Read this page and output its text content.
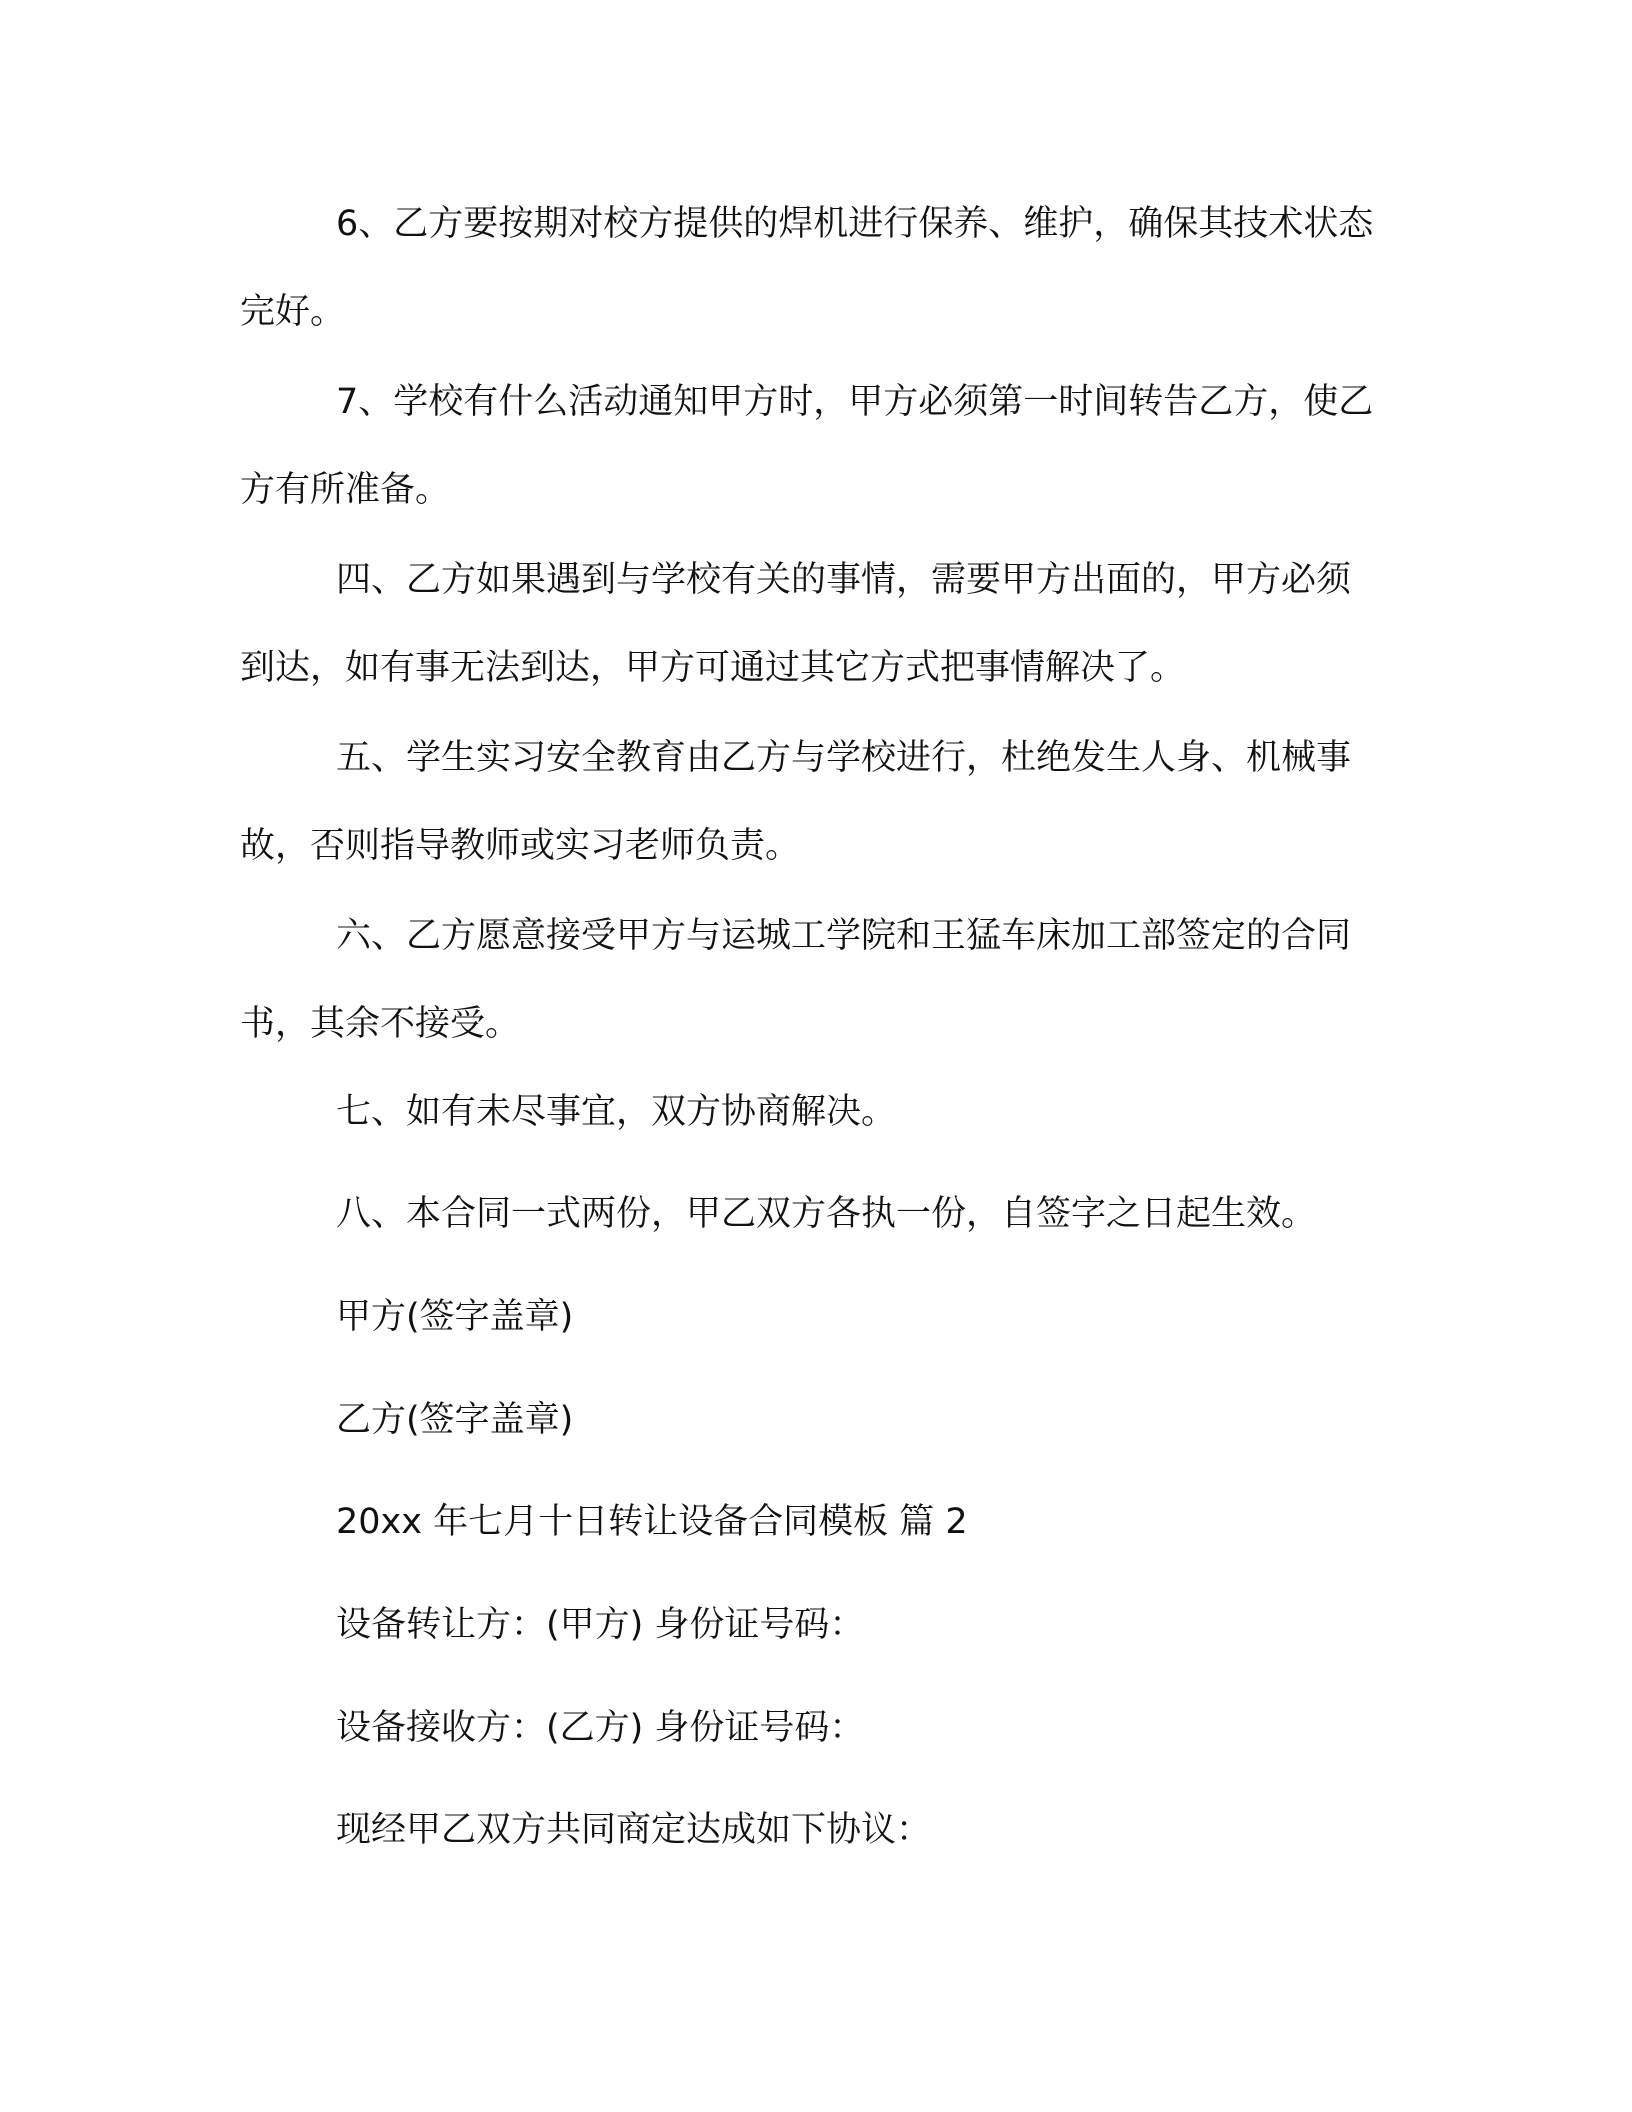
6、乙方要按期对校方提供的焊机进行保养、维护，确保其技术状态完好。

7、学校有什么活动通知甲方时，甲方必须第一时间转告乙方，使乙方有所准备。

四、乙方如果遇到与学校有关的事情，需要甲方出面的，甲方必须到达，如有事无法到达，甲方可通过其它方式把事情解决了。

五、学生实习安全教育由乙方与学校进行，杜绝发生人身、机械事故，否则指导教师或实习老师负责。

六、乙方愿意接受甲方与运城工学院和王猛车床加工部签定的合同书，其余不接受。

七、如有未尽事宜，双方协商解决。

八、本合同一式两份，甲乙双方各执一份，自签字之日起生效。

甲方(签字盖章)

乙方(签字盖章)

20xx 年七月十日转让设备合同模板 篇 2

设备转让方：(甲方) 身份证号码：

设备接收方：(乙方) 身份证号码：

现经甲乙双方共同商定达成如下协议：
